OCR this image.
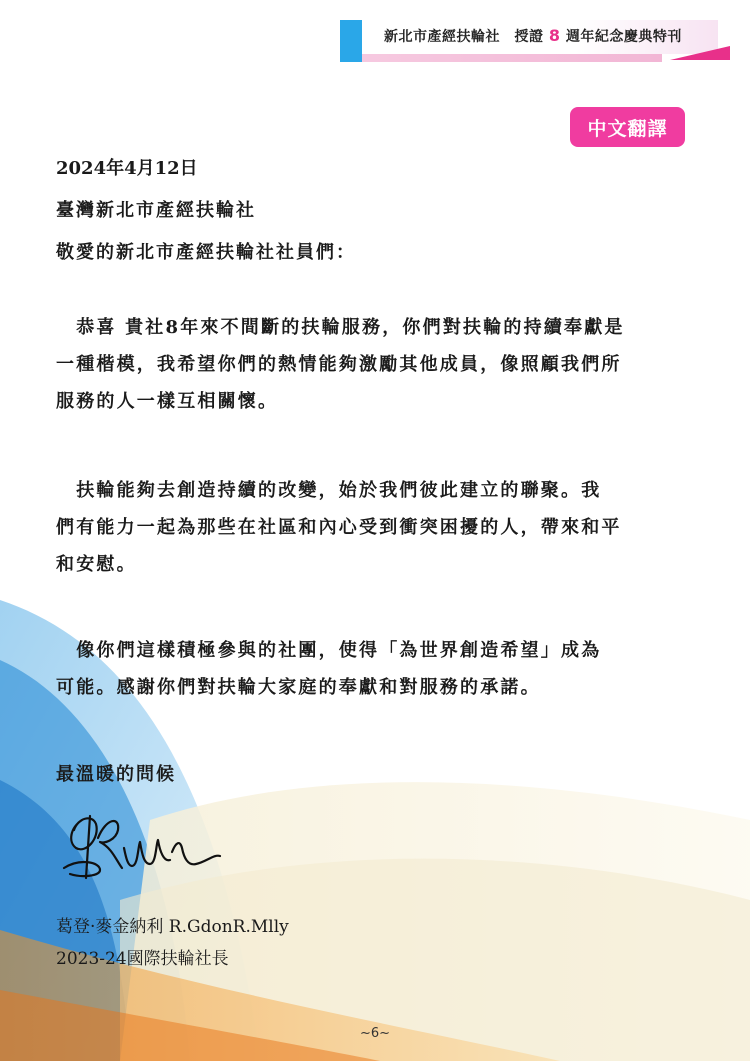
新北市產經扶輪社　授證 8 週年紀念慶典特刊
中文翻譯
2024年4月12日
臺灣新北市產經扶輪社
敬愛的新北市產經扶輪社社員們：
　恭喜 貴社8年來不間斷的扶輪服務，你們對扶輪的持續奉獻是
一種楷模，我希望你們的熱情能夠激勵其他成員，像照顧我們所
服務的人一樣互相關懷。
　扶輪能夠去創造持續的改變，始於我們彼此建立的聯聚。我
們有能力一起為那些在社區和內心受到衝突困擾的人，帶來和平
和安慰。
　像你們這樣積極參與的社團，使得「為世界創造希望」成為
可能。感謝你們對扶輪大家庭的奉獻和對服務的承諾。
最溫暖的問候
葛登·麥金納利 R.GdonR.Mlly
2023-24國際扶輪社長
~6~
